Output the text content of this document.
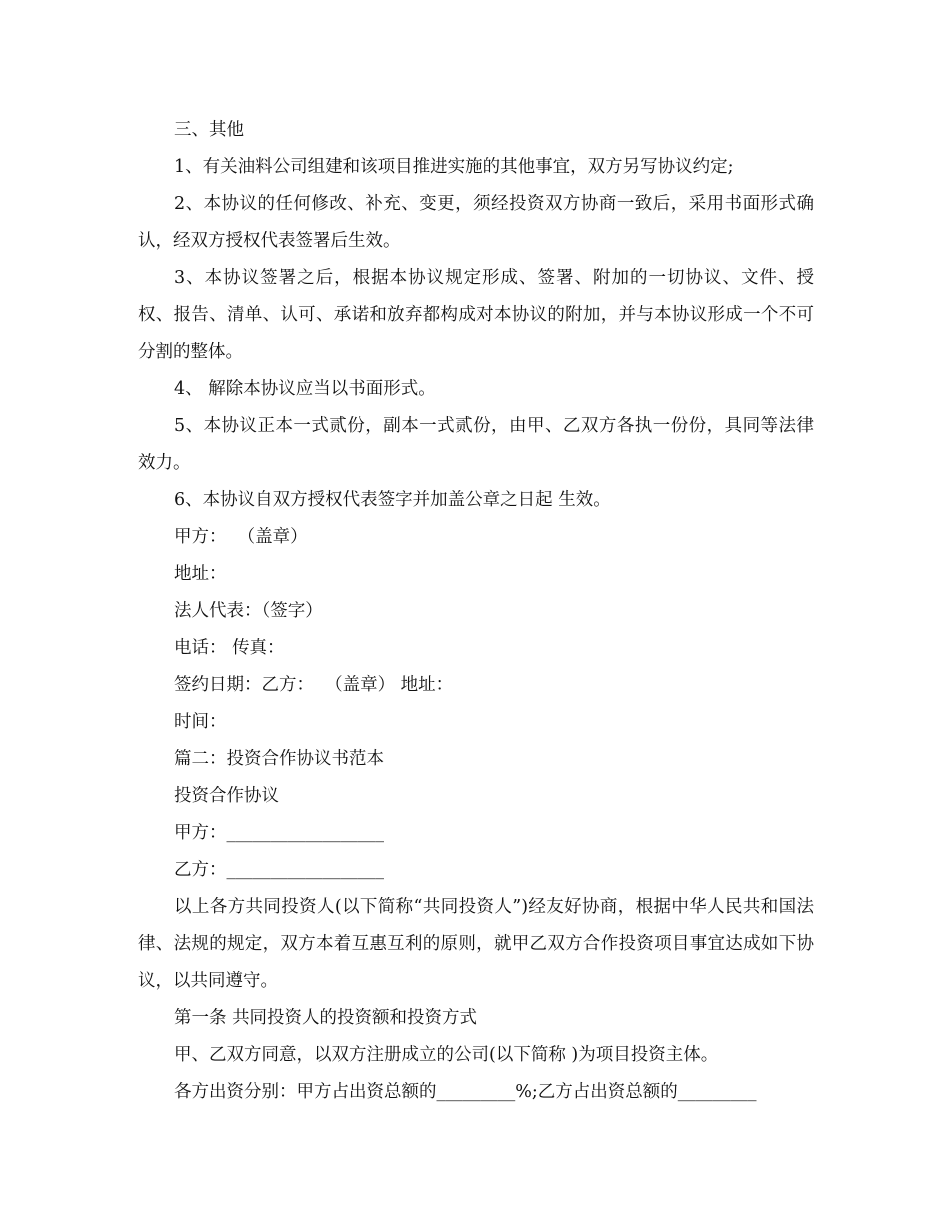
三、其他

1、有关油料公司组建和该项目推进实施的其他事宜，双方另写协议约定;

2、本协议的任何修改、补充、变更，须经投资双方协商一致后，采用书面形式确认，经双方授权代表签署后生效。

3、本协议签署之后，根据本协议规定形成、签署、附加的一切协议、文件、授权、报告、清单、认可、承诺和放弃都构成对本协议的附加，并与本协议形成一个不可分割的整体。

4、 解除本协议应当以书面形式。

5、本协议正本一式贰份，副本一式贰份，由甲、乙双方各执一份份，具同等法律效力。

6、本协议自双方授权代表签字并加盖公章之日起 生效。

甲方：  （盖章）

地址：

法人代表：（签字）

电话： 传真：

签约日期：乙方：  （盖章） 地址：

时间：

篇二：投资合作协议书范本

投资合作协议

甲方：__________________

乙方：__________________

以上各方共同投资人(以下简称“共同投资人”)经友好协商，根据中华人民共和国法律、法规的规定，双方本着互惠互利的原则，就甲乙双方合作投资项目事宜达成如下协议，以共同遵守。

第一条 共同投资人的投资额和投资方式

甲、乙双方同意，以双方注册成立的公司(以下简称 )为项目投资主体。

各方出资分别：甲方占出资总额的_________%;乙方占出资总额的_________
